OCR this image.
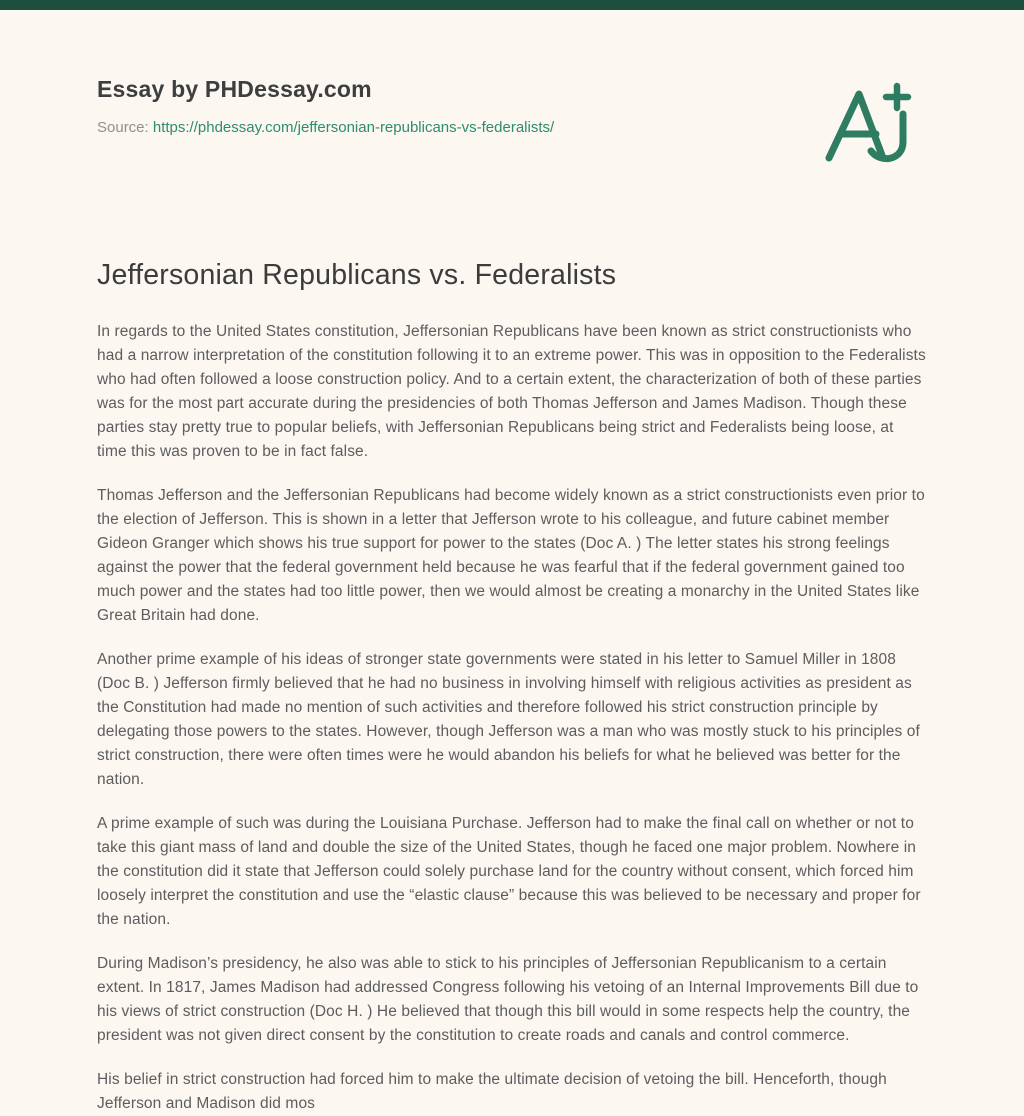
Essay by PHDessay.com
Source: https://phdessay.com/jeffersonian-republicans-vs-federalists/
Jeffersonian Republicans vs. Federalists

In regards to the United States constitution, Jeffersonian Republicans have been known as strict constructionists who had a narrow interpretation of the constitution following it to an extreme power. This was in opposition to the Federalists who had often followed a loose construction policy. And to a certain extent, the characterization of both of these parties was for the most part accurate during the presidencies of both Thomas Jefferson and James Madison. Though these parties stay pretty true to popular beliefs, with Jeffersonian Republicans being strict and Federalists being loose, at time this was proven to be in fact false.

Thomas Jefferson and the Jeffersonian Republicans had become widely known as a strict constructionists even prior to the election of Jefferson. This is shown in a letter that Jefferson wrote to his colleague, and future cabinet member Gideon Granger which shows his true support for power to the states (Doc A. ) The letter states his strong feelings against the power that the federal government held because he was fearful that if the federal government gained too much power and the states had too little power, then we would almost be creating a monarchy in the United States like Great Britain had done.

Another prime example of his ideas of stronger state governments were stated in his letter to Samuel Miller in 1808 (Doc B. ) Jefferson firmly believed that he had no business in involving himself with religious activities as president as the Constitution had made no mention of such activities and therefore followed his strict construction principle by delegating those powers to the states. However, though Jefferson was a man who was mostly stuck to his principles of strict construction, there were often times were he would abandon his beliefs for what he believed was better for the nation.

A prime example of such was during the Louisiana Purchase. Jefferson had to make the final call on whether or not to take this giant mass of land and double the size of the United States, though he faced one major problem. Nowhere in the constitution did it state that Jefferson could solely purchase land for the country without consent, which forced him loosely interpret the constitution and use the “elastic clause” because this was believed to be necessary and proper for the nation.

During Madison’s presidency, he also was able to stick to his principles of Jeffersonian Republicanism to a certain extent. In 1817, James Madison had addressed Congress following his vetoing of an Internal Improvements Bill due to his views of strict construction (Doc H. ) He believed that though this bill would in some respects help the country, the president was not given direct consent by the constitution to create roads and canals and control commerce.

His belief in strict construction had forced him to make the ultimate decision of vetoing the bill. Henceforth, though Jefferson and Madison did mos
